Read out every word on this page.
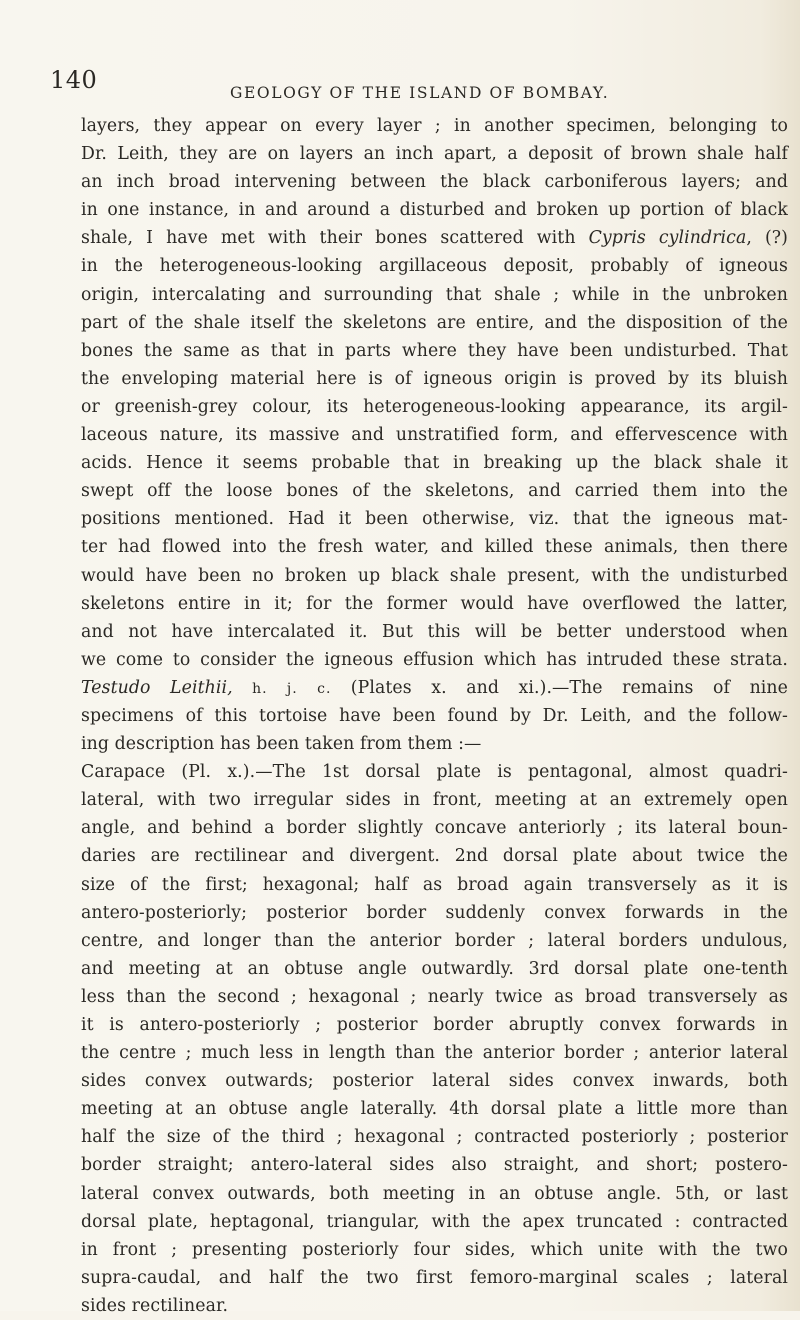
140	GEOLOGY OF THE ISLAND OF BOMBAY.
layers, they appear on every layer ; in another specimen, belonging to
Dr. Leith, they are on layers an inch apart, a deposit of brown shale half
an inch broad intervening between the black carboniferous layers; and
in one instance, in and around a disturbed and broken up portion of black
shale, I have met with their bones scattered with Cypris cylindrica, (?)
in the heterogeneous-looking argillaceous deposit, probably of igneous
origin, intercalating and surrounding that shale ; while in the unbroken
part of the shale itself the skeletons are entire, and the disposition of the
bones the same as that in parts where they have been undisturbed. That
the enveloping material here is of igneous origin is proved by its bluish
or greenish-grey colour, its heterogeneous-looking appearance, its argil-
laceous nature, its massive and unstratified form, and effervescence with
acids. Hence it seems probable that in breaking up the black shale it
swept off the loose bones of the skeletons, and carried them into the
positions mentioned. Had it been otherwise, viz. that the igneous mat-
ter had flowed into the fresh water, and killed these animals, then there
would have been no broken up black shale present, with the undisturbed
skeletons entire in it; for the former would have overflowed the latter,
and not have intercalated it. But this will be better understood when
we come to consider the igneous effusion which has intruded these strata.
Testudo Leithii, h. j. c. (Plates x. and xi.).—The remains of nine
specimens of this tortoise have been found by Dr. Leith, and the follow-
ing description has been taken from them :—
Carapace (Pl. x.).—The 1st dorsal plate is pentagonal, almost quadri-
lateral, with two irregular sides in front, meeting at an extremely open
angle, and behind a border slightly concave anteriorly ; its lateral boun-
daries are rectilinear and divergent. 2nd dorsal plate about twice the
size of the first; hexagonal; half as broad again transversely as it is
antero-posteriorly; posterior border suddenly convex forwards in the
centre, and longer than the anterior border ; lateral borders undulous,
and meeting at an obtuse angle outwardly. 3rd dorsal plate one-tenth
less than the second ; hexagonal ; nearly twice as broad transversely as
it is antero-posteriorly ; posterior border abruptly convex forwards in
the centre ; much less in length than the anterior border ; anterior lateral
sides convex outwards; posterior lateral sides convex inwards, both
meeting at an obtuse angle laterally. 4th dorsal plate a little more than
half the size of the third ; hexagonal ; contracted posteriorly ; posterior
border straight; antero-lateral sides also straight, and short; postero-
lateral convex outwards, both meeting in an obtuse angle. 5th, or last
dorsal plate, heptagonal, triangular, with the apex truncated : contracted
in front ; presenting posteriorly four sides, which unite with the two
supra-caudal, and half the two first femoro-marginal scales ; lateral
sides rectilinear.
